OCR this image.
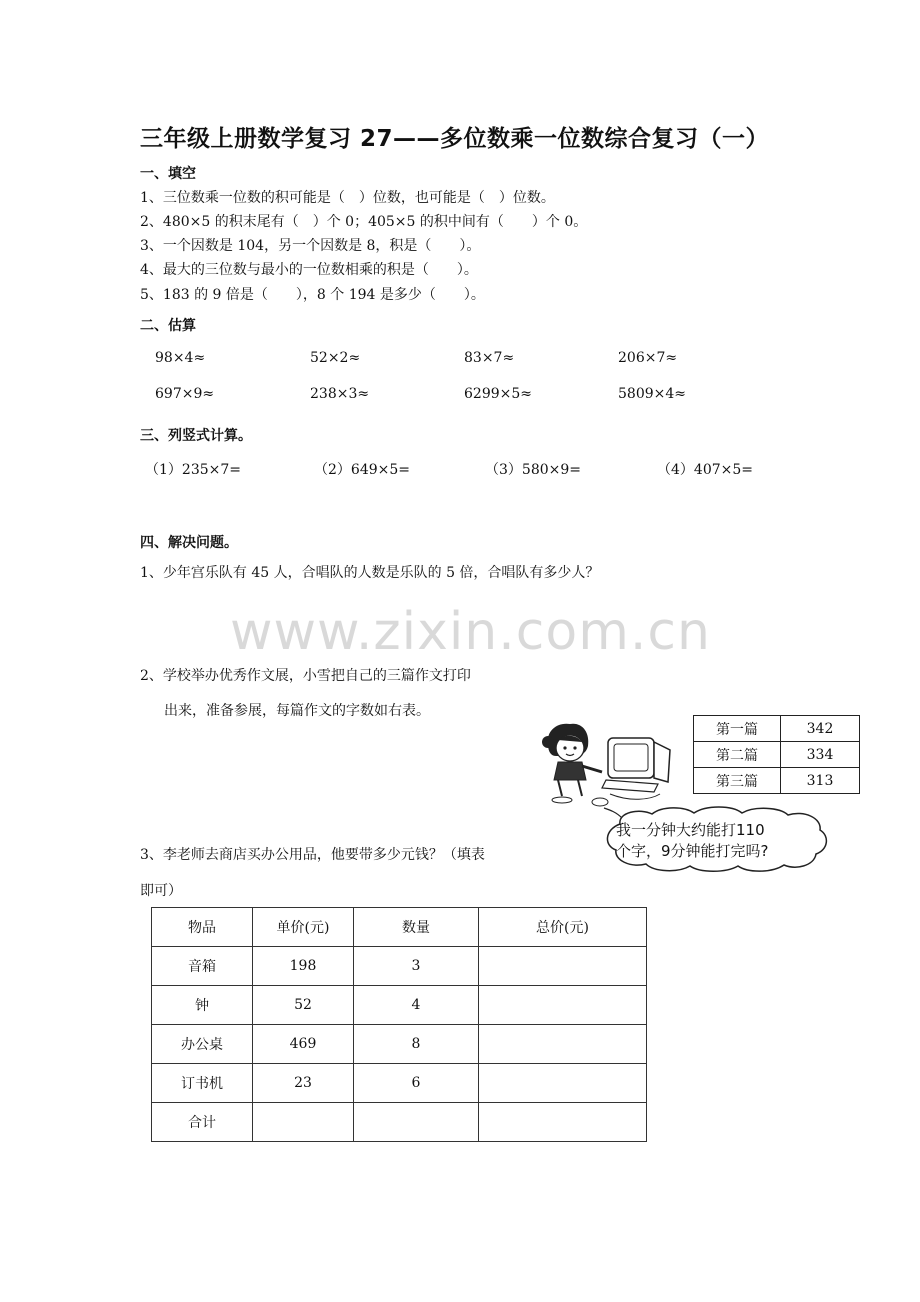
三年级上册数学复习 27——多位数乘一位数综合复习（一）
一、填空
1、三位数乘一位数的积可能是（　）位数，也可能是（　）位数。
2、480×5 的积末尾有（　）个 0；405×5 的积中间有（　　）个 0。
3、一个因数是 104，另一个因数是 8，积是（　　）。
4、最大的三位数与最小的一位数相乘的积是（　　）。
5、183 的 9 倍是（　　），8 个 194 是多少（　　）。
二、估算
98×4≈	52×2≈	83×7≈	206×7≈
697×9≈	238×3≈	6299×5≈	5809×4≈
三、列竖式计算。
（1）235×7=	（2）649×5=	（3）580×9=	（4）407×5=
四、解决问题。
1、少年宫乐队有 45 人，合唱队的人数是乐队的 5 倍，合唱队有多少人？
www.zixin.com.cn
2、学校举办优秀作文展，小雪把自己的三篇作文打印
出来，准备参展，每篇作文的字数如右表。
第一篇	342
第二篇	334
第三篇	313
我一分钟大约能打110
个字，9分钟能打完吗?
3、李老师去商店买办公用品，他要带多少元钱？（填表
即可）
物品	单价(元)	数量	总价(元)
音箱	198	3	
钟	52	4	
办公桌	469	8	
订书机	23	6	
合计			
